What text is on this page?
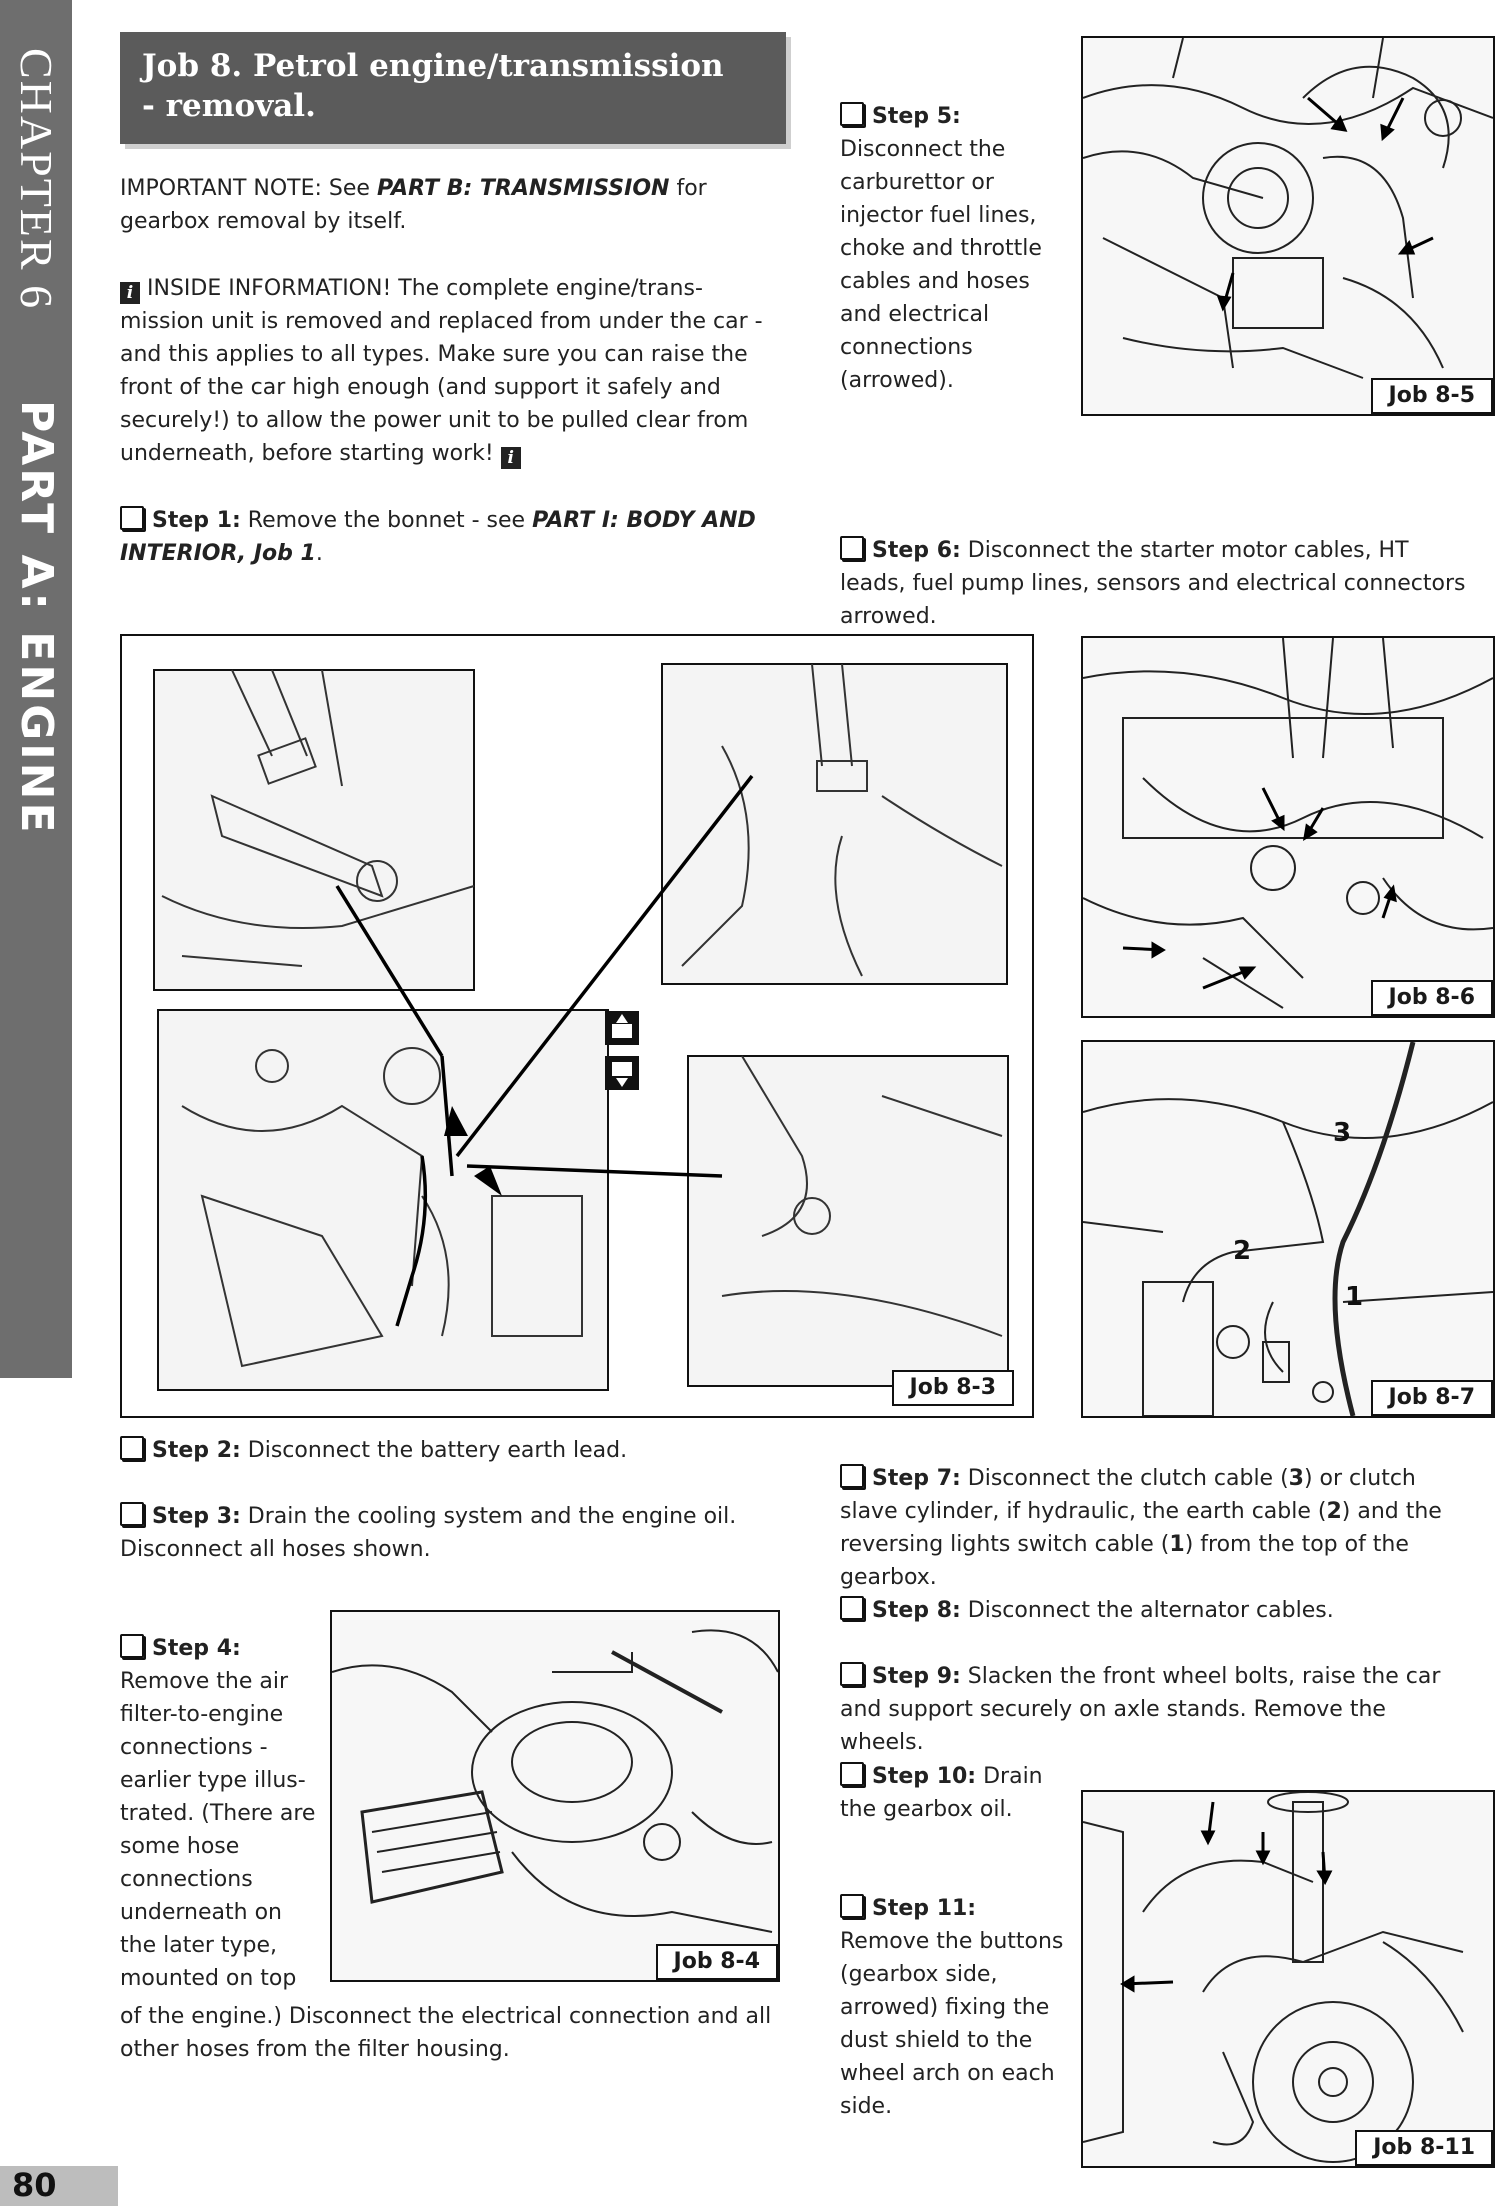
CHAPTER 6
PART A: ENGINE
Job 8. Petrol engine/transmission
- removal.

IMPORTANT NOTE: See PART B: TRANSMISSION for gearbox removal by itself.

i INSIDE INFORMATION! The complete engine/trans-mission unit is removed and replaced from under the car - and this applies to all types. Make sure you can raise the front of the car high enough (and support it safely and securely!) to allow the power unit to be pulled clear from underneath, before starting work! i

Step 1: Remove the bonnet - see PART I: BODY AND INTERIOR, Job 1.

Step 5:
Disconnect the carburettor or injector fuel lines, choke and throttle cables and hoses and electrical connections (arrowed).

Job 8-5

Step 6: Disconnect the starter motor cables, HT leads, fuel pump lines, sensors and electrical connectors arrowed.

Job 8-3
Job 8-6
3
2
1
Job 8-7

Step 2: Disconnect the battery earth lead.

Step 3: Drain the cooling system and the engine oil. Disconnect all hoses shown.

Step 4:
Remove the air filter-to-engine connections - earlier type illus-trated. (There are some hose connections underneath on the later type, mounted on top

of the engine.) Disconnect the electrical connection and all other hoses from the filter housing.

Job 8-4

Step 7: Disconnect the clutch cable (3) or clutch slave cylinder, if hydraulic, the earth cable (2) and the reversing lights switch cable (1) from the top of the gearbox.

Step 8: Disconnect the alternator cables.

Step 9: Slacken the front wheel bolts, raise the car and support securely on axle stands. Remove the wheels.

Step 10: Drain the gearbox oil.

Step 11:
Remove the buttons (gearbox side, arrowed) fixing the dust shield to the wheel arch on each side.

Job 8-11
80
